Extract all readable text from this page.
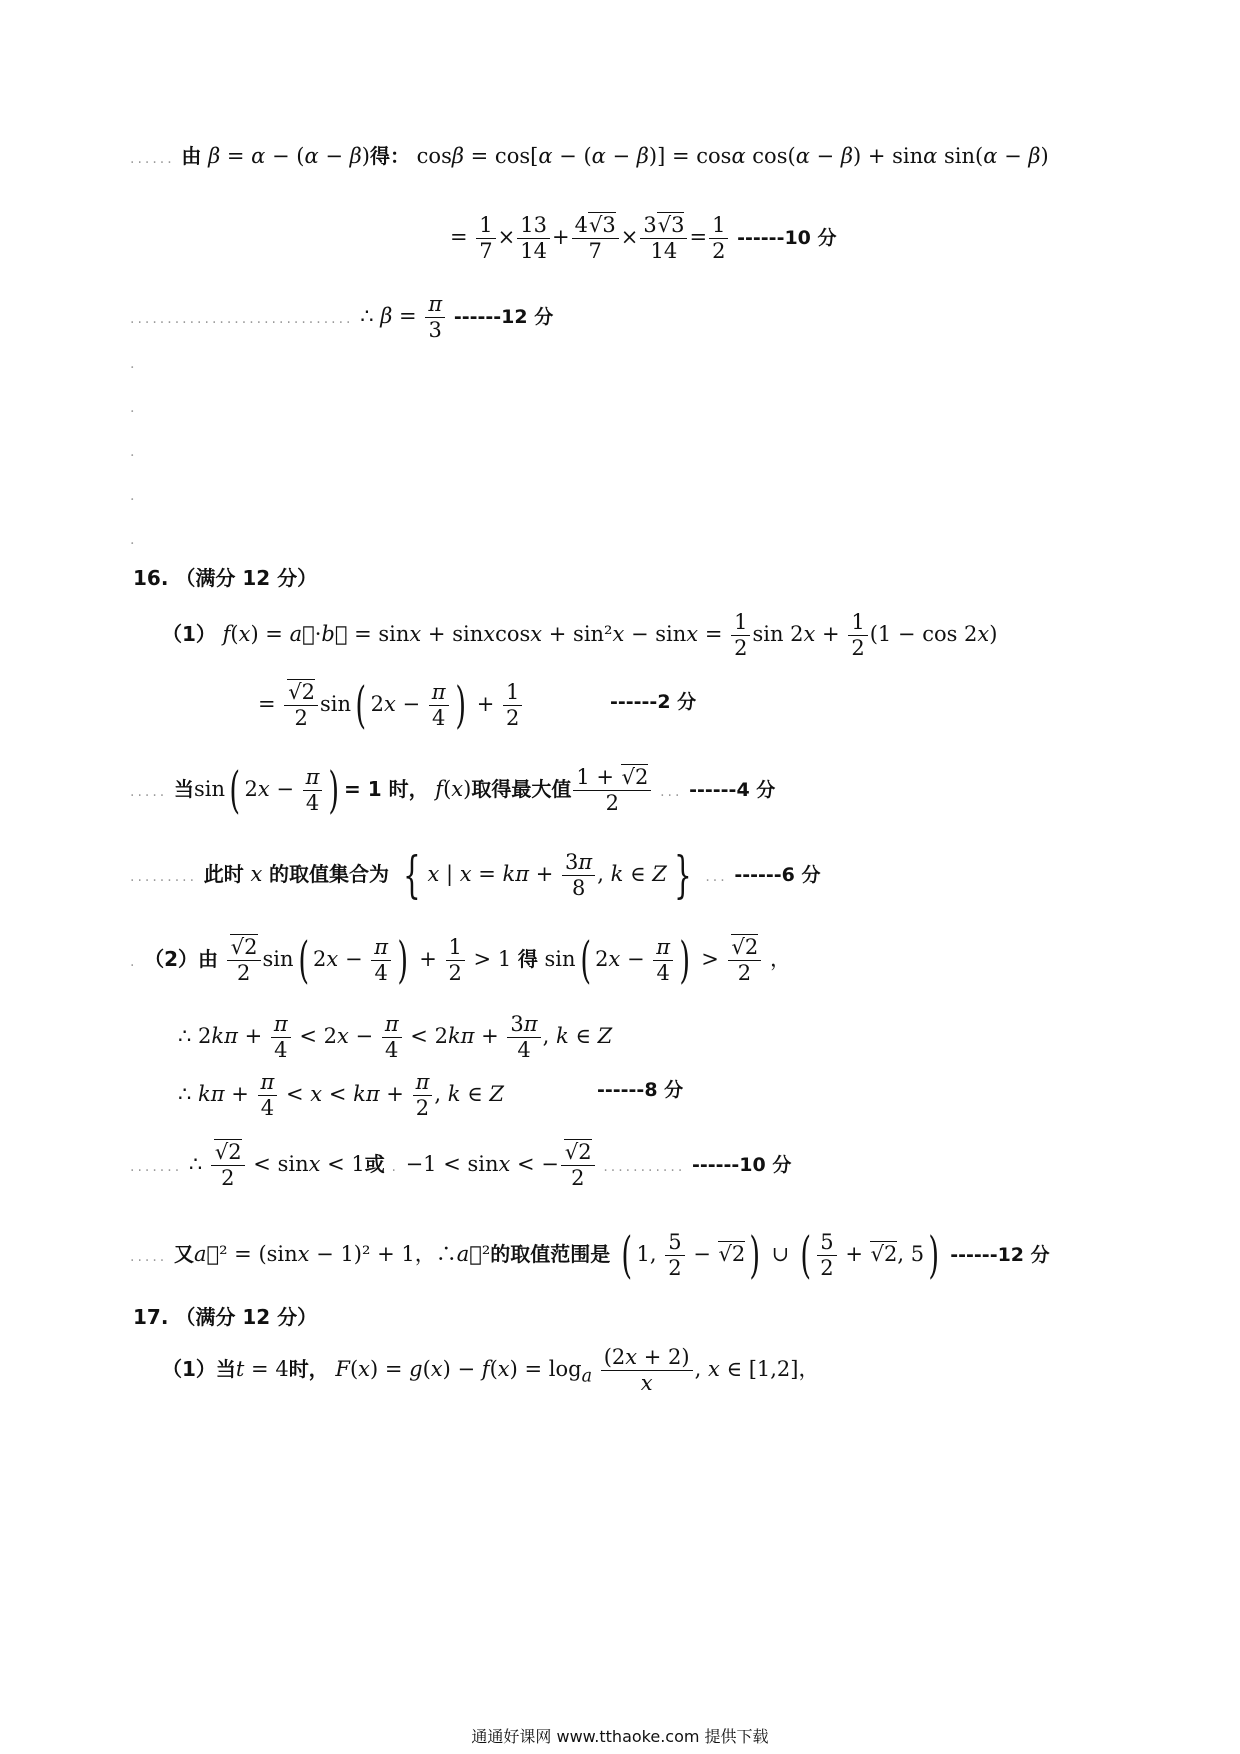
...... 由 β = α − (α − β)得： cosβ = cos[α − (α − β)] = cosα cos(α − β) + sinα sin(α − β)
= $\frac{1}{7} \times \frac{13}{14} + \frac{4√3}{7} \times \frac{3√3}{14} = \frac{1}{2} ------10$ 分
.............................. ∴ $\beta = \frac{\pi}{3} ------12$ 分
.
.
.
.
.
16. （满分 12 分）
（1） f(x) = a⃗·b⃗ = sinx + sinxcosx + $\sin^2x - \sin x = \frac{1}{2}$ $\sin 2x + \frac{1}{2} (1 - \cos 2x)$
= $\frac{√2}{2} \sin$( $2x - \frac{\pi}{4}$ ) + $\frac{1}{2}$	------2 分
..... 当sin( $2x - \frac{\pi}{4}$ ) = 1 时， f(x)取得最大值 $\frac{1 + √2}{2}$ ... ------4 分
......... 此时 x 的取值集合为 { x | $x = k\pi + \frac{3\pi}{8}$ , k ∈ Z } ... ------6 分
. （2）由 $\frac{√2}{2} \sin$( $2x - \frac{\pi}{4}$ ) + $\frac{1}{2} > 1$ 得 sin( $2x - \frac{\pi}{4}$ ) > $\frac{√2}{2}$ ，
∴ $2k\pi + \frac{\pi}{4} < 2x - \frac{\pi}{4} < 2k\pi + \frac{3\pi}{4}$ , k ∈ Z
∴ $k\pi + \frac{\pi}{4} < x < k\pi + \frac{\pi}{2}$ , k ∈ Z	------8 分
....... ∴ $\frac{√2}{2} < \sin x < 1$或 . −1 < sinx < − $\frac{√2}{2}$ ........... ------10 分
..... 又a⃗² = (sinx − 1)² + 1，∴a⃗²的取值范围是 ( 1, $\frac{5}{2} - √2$) ∪ ( $\frac{5}{2} + √2$, 5) ------12 分
17. （满分 12 分）
（1）当t = 4时， $F(x) = g(x) - f(x) = \log_a \frac{(2x + 2)}{x}$ , x ∈ [1,2]，
通通好课网 www.tthaoke.com 提供下载
